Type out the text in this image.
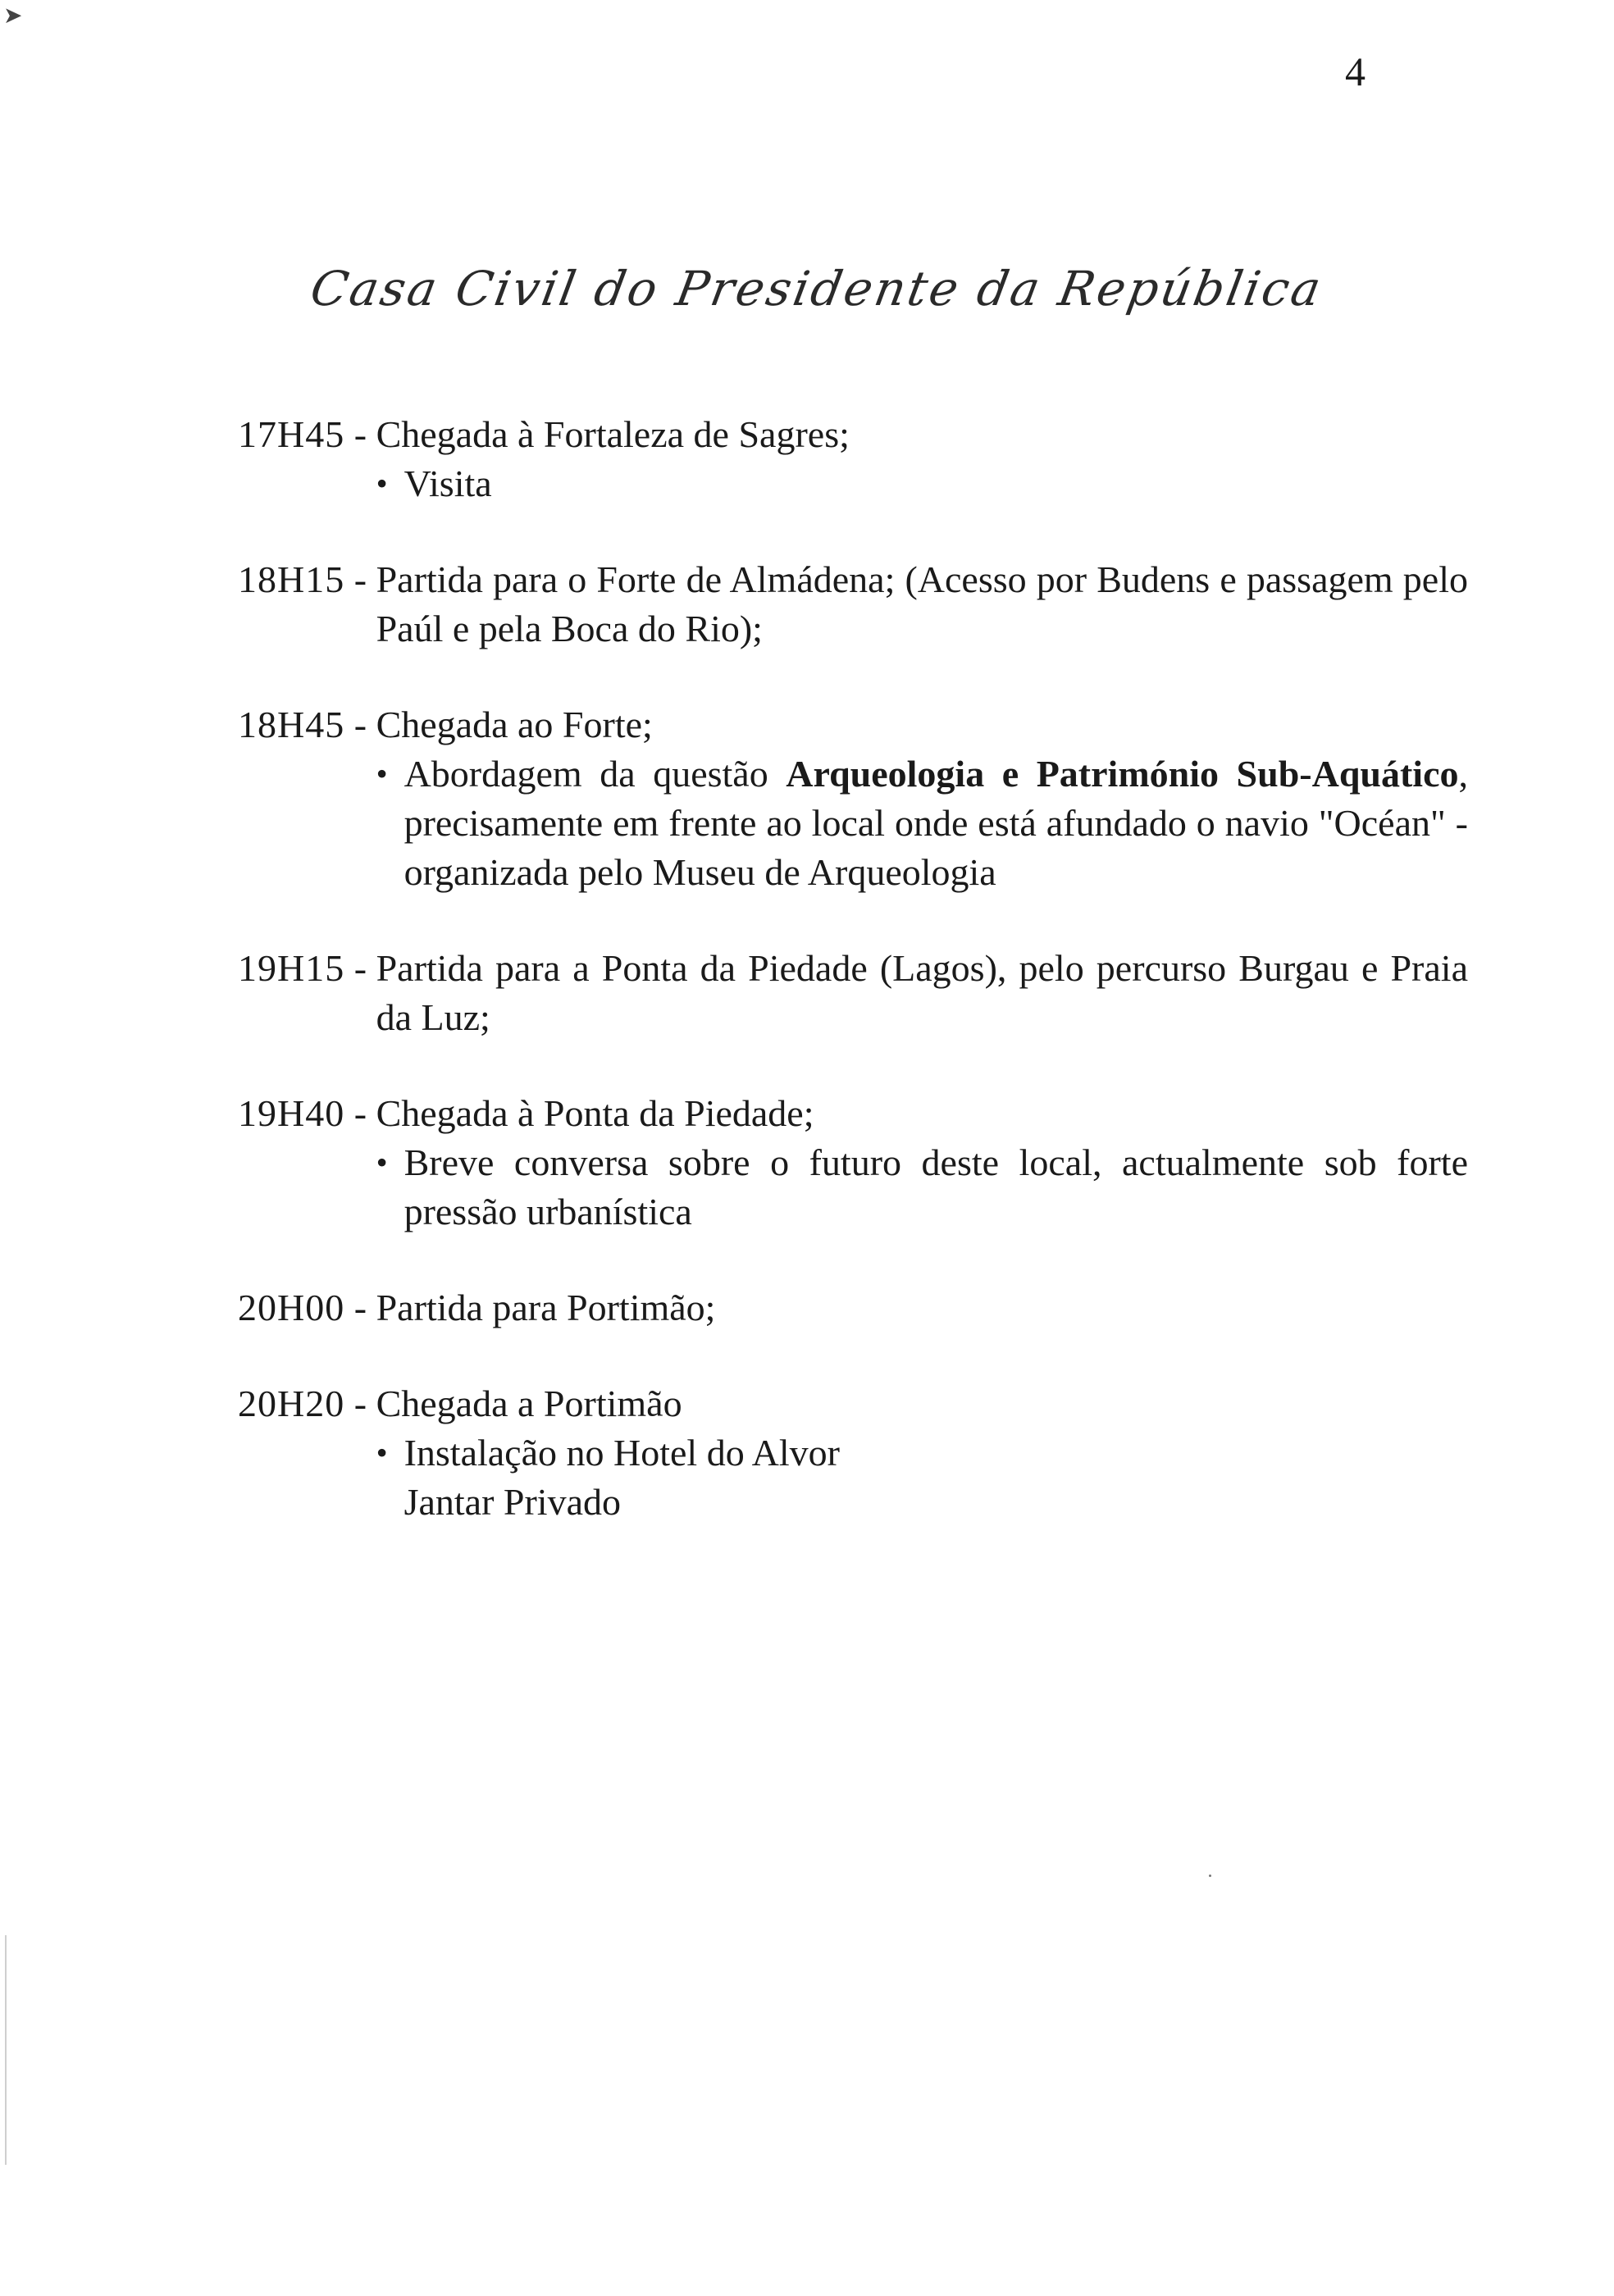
➤
4
Casa Civil do Presidente da República
17H45 - Chegada à Fortaleza de Sagres;
• Visita
18H15 - Partida para o Forte de Almádena; (Acesso por Budens e passagem pelo Paúl e pela Boca do Rio);
18H45 - Chegada ao Forte;
• Abordagem da questão Arqueologia e Património Sub-Aquático, precisamente em frente ao local onde está afundado o navio "Océan" - organizada pelo Museu de Arqueologia
19H15 - Partida para a Ponta da Piedade (Lagos), pelo percurso Burgau e Praia da Luz;
19H40 - Chegada à Ponta da Piedade;
• Breve conversa sobre o futuro deste local, actualmente sob forte pressão urbanística
20H00 - Partida para Portimão;
20H20 - Chegada a Portimão
• Instalação no Hotel do Alvor
Jantar Privado
